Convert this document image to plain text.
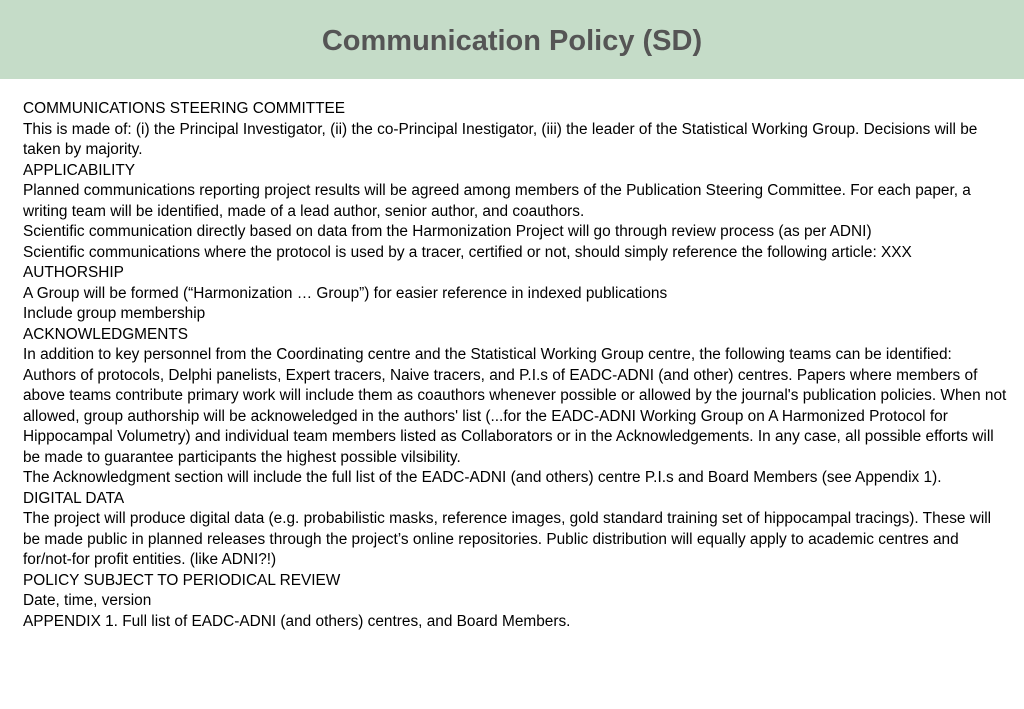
Communication Policy (SD)

COMMUNICATIONS STEERING COMMITTEE

This is made of: (i) the Principal Investigator, (ii) the co-Principal Inestigator, (iii) the leader of the Statistical Working Group. Decisions will be taken by majority.

APPLICABILITY

Planned communications reporting project results will be agreed among members of the Publication Steering Committee. For each paper, a writing team will be identified, made of a lead author, senior author, and coauthors.

Scientific communication directly based on data from the Harmonization Project will go through review process (as per ADNI)

Scientific communications where the protocol is used by a tracer, certified or not, should simply reference the following article: XXX

AUTHORSHIP

A Group will be formed (“Harmonization … Group”) for easier reference in indexed publications

Include group membership

ACKNOWLEDGMENTS

In addition to key personnel from the Coordinating centre and the Statistical Working Group centre, the following teams can be identified: Authors of protocols, Delphi panelists, Expert tracers, Naive tracers, and P.I.s of EADC-ADNI (and other) centres. Papers where members of above teams contribute primary work will include them as coauthors whenever possible or allowed by the journal's publication policies. When not allowed, group authorship will be acknoweledged in the authors' list (...for the EADC-ADNI Working Group on A Harmonized Protocol for Hippocampal Volumetry) and individual team members listed as Collaborators or in the Acknowledgements. In any case, all possible efforts will be made to guarantee participants the highest possible vilsibility.

The Acknowledgment section will include the full list of the EADC-ADNI (and others) centre P.I.s and Board Members (see Appendix 1).

DIGITAL DATA

The project will produce digital data (e.g. probabilistic masks, reference images, gold standard training set of hippocampal tracings). These will be made public in planned releases through the project’s online repositories. Public distribution will equally apply to academic centres and for/not-for profit entities. (like ADNI?!)

POLICY SUBJECT TO PERIODICAL REVIEW

Date, time, version

APPENDIX 1. Full list of EADC-ADNI (and others) centres, and Board Members.
